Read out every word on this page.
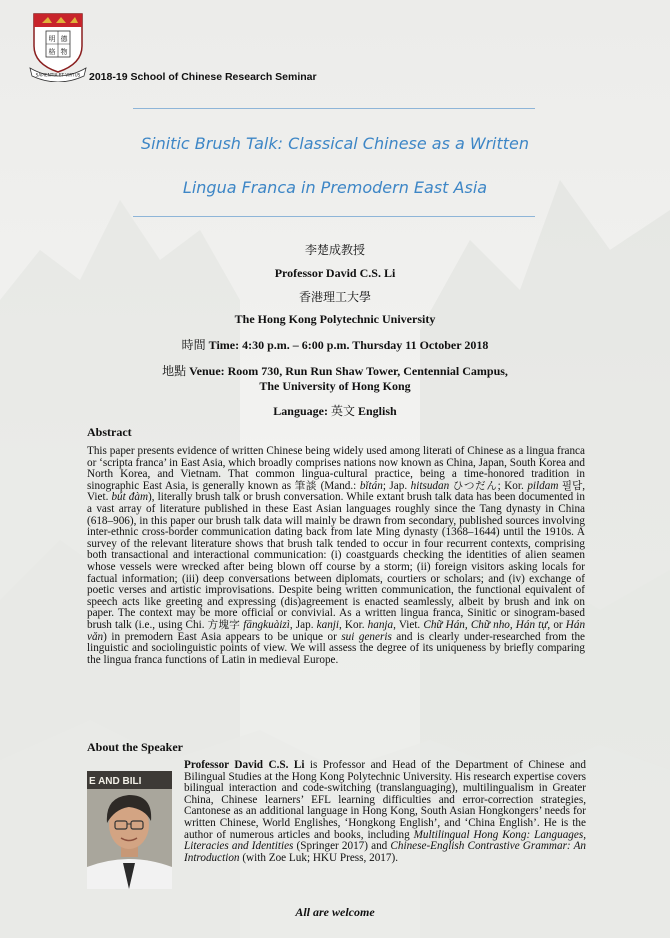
明 德
格 物
SAPIENTIA ET VIRTUS 2018-19 School of Chinese Research Seminar
Sinitic Brush Talk: Classical Chinese as a Written
Lingua Franca in Premodern East Asia
李楚成教授
Professor David C.S. Li
香港理工大學
The Hong Kong Polytechnic University
時間 Time: 4:30 p.m. – 6:00 p.m. Thursday 11 October 2018
地點 Venue: Room 730, Run Run Shaw Tower, Centennial Campus,
The University of Hong Kong
Language: 英文 English
Abstract
This paper presents evidence of written Chinese being widely used among literati of Chinese as a lingua franca or ‘scripta franca’ in East Asia, which broadly comprises nations now known as China, Japan, South Korea and North Korea, and Vietnam. That common lingua-cultural practice, being a time-honored tradition in sinographic East Asia, is generally known as 筆談 (Mand.: bǐtán; Jap. hitsudan ひつだん; Kor. pildam 필담, Viet. bút đàm), literally brush talk or brush conversation. While extant brush talk data has been documented in a vast array of literature published in these East Asian languages roughly since the Tang dynasty in China (618–906), in this paper our brush talk data will mainly be drawn from secondary, published sources involving inter-ethnic cross-border communication dating back from late Ming dynasty (1368–1644) until the 1910s. A survey of the relevant literature shows that brush talk tended to occur in four recurrent contexts, comprising both transactional and interactional communication: (i) coastguards checking the identities of alien seamen whose vessels were wrecked after being blown off course by a storm; (ii) foreign visitors asking locals for factual information; (iii) deep conversations between diplomats, courtiers or scholars; and (iv) exchange of poetic verses and artistic improvisations. Despite being written communication, the functional equivalent of speech acts like greeting and expressing (dis)agreement is enacted seamlessly, albeit by brush and ink on paper. The context may be more official or convivial. As a written lingua franca, Sinitic or sinogram-based brush talk (i.e., using Chi. 方塊字 fāngkuàizì, Jap. kanji, Kor. hanja, Viet. Chữ Hán, Chữ nho, Hán tự, or Hán văn) in premodern East Asia appears to be unique or sui generis and is clearly under-researched from the linguistic and sociolinguistic points of view. We will assess the degree of its uniqueness by briefly comparing the lingua franca functions of Latin in medieval Europe.
About the Speaker
E AND BILI
Professor David C.S. Li is Professor and Head of the Department of Chinese and Bilingual Studies at the Hong Kong Polytechnic University. His research expertise covers bilingual interaction and code-switching (translanguaging), multilingualism in Greater China, Chinese learners’ EFL learning difficulties and error-correction strategies, Cantonese as an additional language in Hong Kong, South Asian Hongkongers’ needs for written Chinese, World Englishes, ‘Hongkong English’, and ‘China English’. He is the author of numerous articles and books, including Multilingual Hong Kong: Languages, Literacies and Identities (Springer 2017) and Chinese-English Contrastive Grammar: An Introduction (with Zoe Luk; HKU Press, 2017).
All are welcome
